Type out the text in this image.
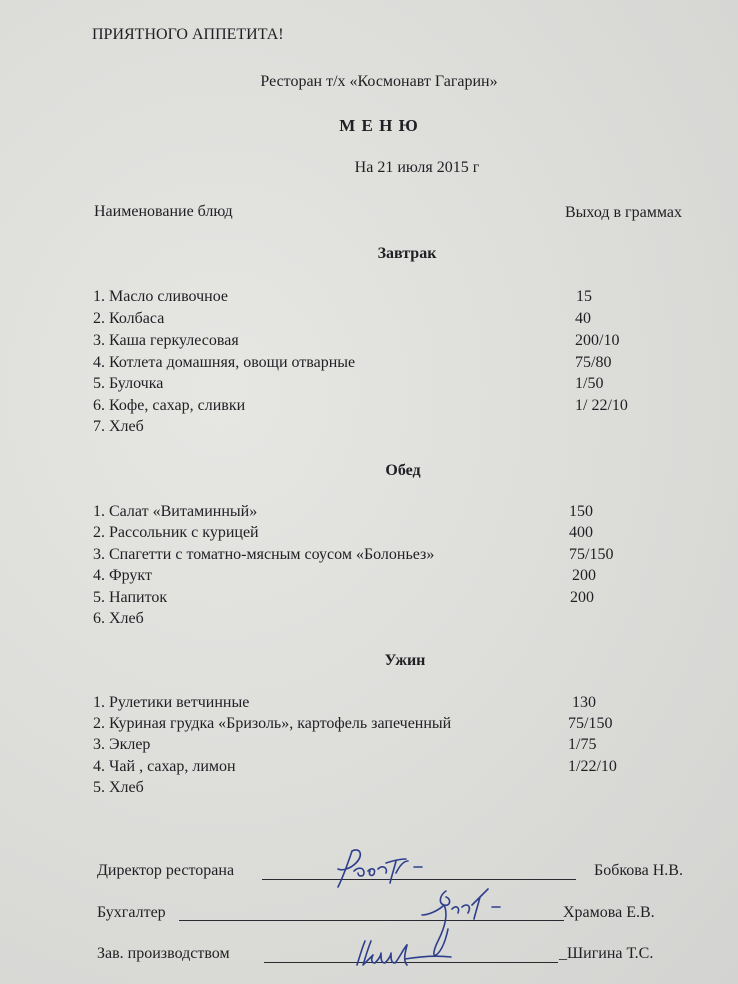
ПРИЯТНОГО АППЕТИТА!
Ресторан т/х «Космонавт Гагарин»
М Е Н Ю
На 21 июля 2015 г
Наименование блюд	Выход в граммах
Завтрак
1. Масло сливочное	15
2. Колбаса	40
3. Каша геркулесовая	200/10
4. Котлета домашняя, овощи отварные	75/80
5. Булочка	1/50
6. Кофе, сахар, сливки	1/ 22/10
7. Хлеб
Обед
1. Салат «Витаминный»	150
2. Рассольник с курицей	400
3. Спагетти с томатно-мясным соусом «Болоньез»	75/150
4. Фрукт	200
5. Напиток	200
6. Хлеб
Ужин
1. Рулетики ветчинные	130
2. Куриная грудка «Бризоль», картофель запеченный	75/150
3. Эклер	1/75
4. Чай , сахар, лимон	1/22/10
5. Хлеб
Директор ресторана	Бобкова Н.В.
Бухгалтер	Храмова Е.В.
Зав. производством	_Шигина Т.С.
